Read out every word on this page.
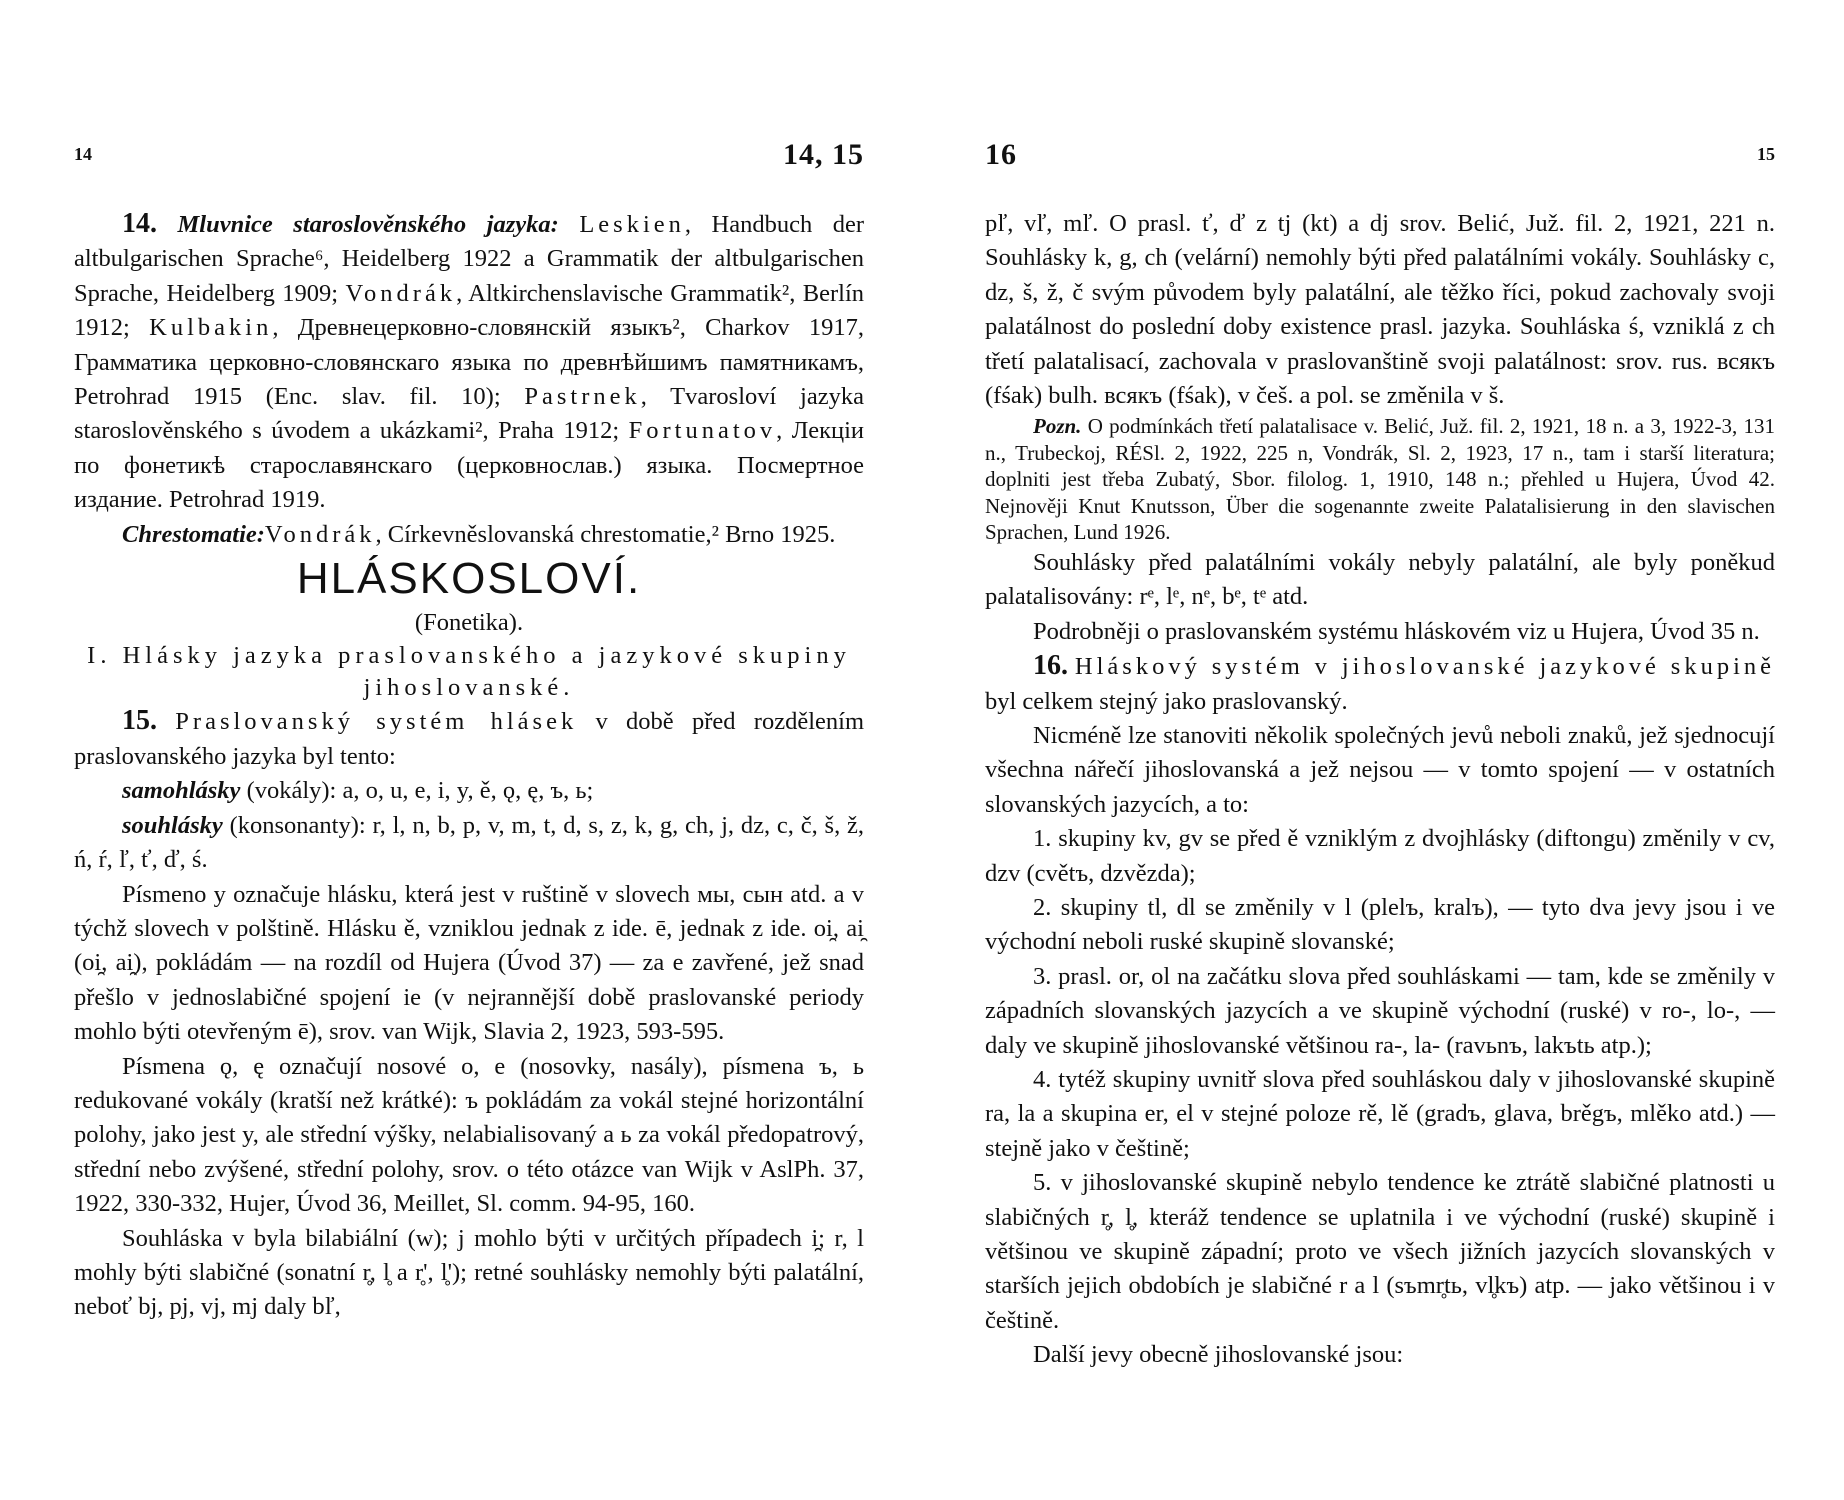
14	14, 15

14. Mluvnice staroslověnského jazyka: Leskien, Handbuch der altbulgarischen Sprache⁶, Heidelberg 1922 a Grammatik der altbulgarischen Sprache, Heidelberg 1909; Vondrák, Altkirchenslavische Grammatik², Berlín 1912; Kulbakin, Древнецерковно-словянскiй языкъ², Charkov 1917, Грамматика церковно-словянскаго языка по древнѣйшимъ памятникамъ, Petrohrad 1915 (Enc. slav. fil. 10); Pastrnek, Tvarosloví jazyka staroslověnského s úvodem a ukázkami², Praha 1912; Fortunatov, Лекцiи по фонетикѣ старославянскаго (церковнослав.) языка. Посмертное издание. Petrohrad 1919.

Chrestomatie:Vondrák, Církevněslovanská chrestomatie,² Brno 1925.

HLÁSKOSLOVÍ.

(Fonetika).

I. Hlásky jazyka praslovanského a jazykové skupiny jihoslovanské.

15. Praslovanský systém hlásek v době před rozdělením praslovanského jazyka byl tento:

samohlásky (vokály): a, o, u, e, i, y, ě, ǫ, ę, ъ, ь;

souhlásky (konsonanty): r, l, n, b, p, v, m, t, d, s, z, k, g, ch, j, dz, c, č, š, ž, ń, ŕ, ľ, ť, ď, ś.

Písmeno y označuje hlásku, která jest v ruštině v slovech мы, сын atd. a v týchž slovech v polštině. Hlásku ě, vzniklou jednak z ide. ē, jednak z ide. oi̯, ai̯ (oi̯, ai̯), pokládám — na rozdíl od Hujera (Úvod 37) — za e zavřené, jež snad přešlo v jednoslabičné spojení ie (v nejrannější době praslovanské periody mohlo býti otevřeným ē), srov. van Wijk, Slavia 2, 1923, 593-595.

Písmena ǫ, ę označují nosové o, e (nosovky, nasály), písmena ъ, ь redukované vokály (kratší než krátké): ъ pokládám za vokál stejné horizontální polohy, jako jest y, ale střední výšky, nelabialisovaný a ь za vokál předopatrový, střední nebo zvýšené, střední polohy, srov. o této otázce van Wijk v AslPh. 37, 1922, 330-332, Hujer, Úvod 36, Meillet, Sl. comm. 94-95, 160.

Souhláska v byla bilabiální (w); j mohlo býti v určitých případech i̯; r, l mohly býti slabičné (sonatní r̥, l̥ a r̥', l̥'); retné souhlásky nemohly býti palatální, neboť bj, pj, vj, mj daly bľ,

16	15

pľ, vľ, mľ. O prasl. ť, ď z tj (kt) a dj srov. Belić, Juž. fil. 2, 1921, 221 n. Souhlásky k, g, ch (velární) nemohly býti před palatálními vokály. Souhlásky c, dz, š, ž, č svým původem byly palatální, ale těžko říci, pokud zachovaly svoji palatálnost do poslední doby existence prasl. jazyka. Souhláska ś, vzniklá z ch třetí palatalisací, zachovala v praslovanštině svoji palatálnost: srov. rus. всякъ (fśak) bulh. всякъ (fśak), v češ. a pol. se změnila v š.

Pozn. O podmínkách třetí palatalisace v. Belić, Juž. fil. 2, 1921, 18 n. a 3, 1922-3, 131 n., Trubeckoj, RÉSl. 2, 1922, 225 n, Vondrák, Sl. 2, 1923, 17 n., tam i starší literatura; doplniti jest třeba Zubatý, Sbor. filolog. 1, 1910, 148 n.; přehled u Hujera, Úvod 42. Nejnověji Knut Knutsson, Über die sogenannte zweite Palatalisierung in den slavischen Sprachen, Lund 1926.

Souhlásky před palatálními vokály nebyly palatální, ale byly poněkud palatalisovány: rᵉ, lᵉ, nᵉ, bᵉ, tᵉ atd.

Podrobněji o praslovanském systému hláskovém viz u Hujera, Úvod 35 n.

16. Hláskový systém v jihoslovanské jazykové skupině byl celkem stejný jako praslovanský.

Nicméně lze stanoviti několik společných jevů neboli znaků, jež sjednocují všechna nářečí jihoslovanská a jež nejsou — v tomto spojení — v ostatních slovanských jazycích, a to:

1. skupiny kv, gv se před ě vzniklým z dvojhlásky (diftongu) změnily v cv, dzv (cvětъ, dzvězda);

2. skupiny tl, dl se změnily v l (plelъ, kralъ), — tyto dva jevy jsou i ve východní neboli ruské skupině slovanské;

3. prasl. or, ol na začátku slova před souhláskami — tam, kde se změnily v západních slovanských jazycích a ve skupině východní (ruské) v ro-, lo-, — daly ve skupině jihoslovanské většinou ra-, la- (ravьnъ, lakъtь atp.);

4. tytéž skupiny uvnitř slova před souhláskou daly v jihoslovanské skupině ra, la a skupina er, el v stejné poloze rě, lě (gradъ, glava, brěgъ, mlěko atd.) — stejně jako v češtině;

5. v jihoslovanské skupině nebylo tendence ke ztrátě slabičné platnosti u slabičných r̥, l̥, kteráž tendence se uplatnila i ve východní (ruské) skupině i většinou ve skupině západní; proto ve všech jižních jazycích slovanských v starších jejich obdobích je slabičné r a l (sъmr̥tь, vl̥kъ) atp. — jako většinou i v češtině.

Další jevy obecně jihoslovanské jsou:
